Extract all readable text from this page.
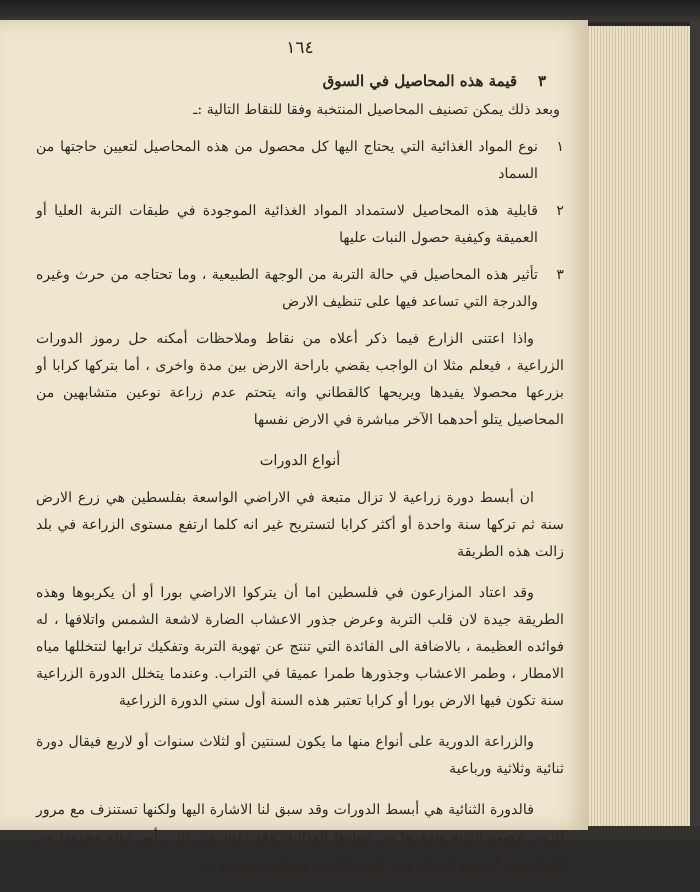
١٦٤
٣    قيمة هذه المحاصيل في السوق
وبعد ذلك يمكن تصنيف المحاصيل المنتخبة وفقا للنقاط التالية :ـ
١
نوع المواد الغذائية التي يحتاج اليها كل محصول من هذه المحاصيل لتعيين حاجتها من السماد
٢
قابلية هذه المحاصيل لاستمداد المواد الغذائية الموجودة في طبقات التربة العليا أو العميقة وكيفية حصول النبات عليها
٣
تأثير هذه المحاصيل في حالة التربة من الوجهة الطبيعية ، وما تحتاجه من حرث وغيره والدرجة التي تساعد فيها على تنظيف الارض
واذا اعتنى الزارع فيما ذكر أعلاه من نقاط وملاحظات أمكنه حل رموز الدورات الزراعية ، فيعلم مثلا ان الواجب يقضي باراحة الارض بين مدة واخرى ، أما بتركها كرابا أو بزرعها محصولا يفيدها ويريحها كالقطاني وانه يتحتم عدم زراعة نوعين متشابهين من المحاصيل يتلو أحدهما الآخر مباشرة في الارض نفسها
أنواع الدورات
ان أبسط دورة زراعية لا تزال متبعة في الاراضي الواسعة بفلسطين هي زرع الارض سنة ثم تركها سنة واحدة أو أكثر كرابا لتستريح غير انه كلما ارتفع مستوى الزراعة في بلد زالت هذه الطريقة
وقد اعتاد المزارعون في فلسطين اما أن يتركوا الاراضي بورا أو أن يكربوها وهذه الطريقة جيدة لان قلب التربة وعرض جذور الاعشاب الضارة لاشعة الشمس واتلافها ، له فوائده العظيمة ، بالاضافة الى الفائدة التي تنتج عن تهوية التربة وتفكيك ترابها لتتخللها مياه الامطار ، وطمر الاعشاب وجذورها طمرا عميقا في التراب. وعندما يتخلل الدورة الزراعية سنة تكون فيها الارض بورا أو كرابا تعتبر هذه السنة أول سني الدورة الزراعية
والزراعة الدورية على أنواع منها ما يكون لسنتين أو لثلاث سنوات أو لاربع فيقال دورة ثنائية وثلاثية ورباعية
فالدورة الثنائية هي أبسط الدورات وقد سبق لنا الاشارة اليها ولكنها تستنزف مع مرور الزمن خصب التربة وتفقرها من موادها الغذائية. وقد اعتاد من كان رأس ماله محدودا من المزارعين أن يتبع هذه الدورة. ولهذه الدورة وجهات متعددة :ـــ
